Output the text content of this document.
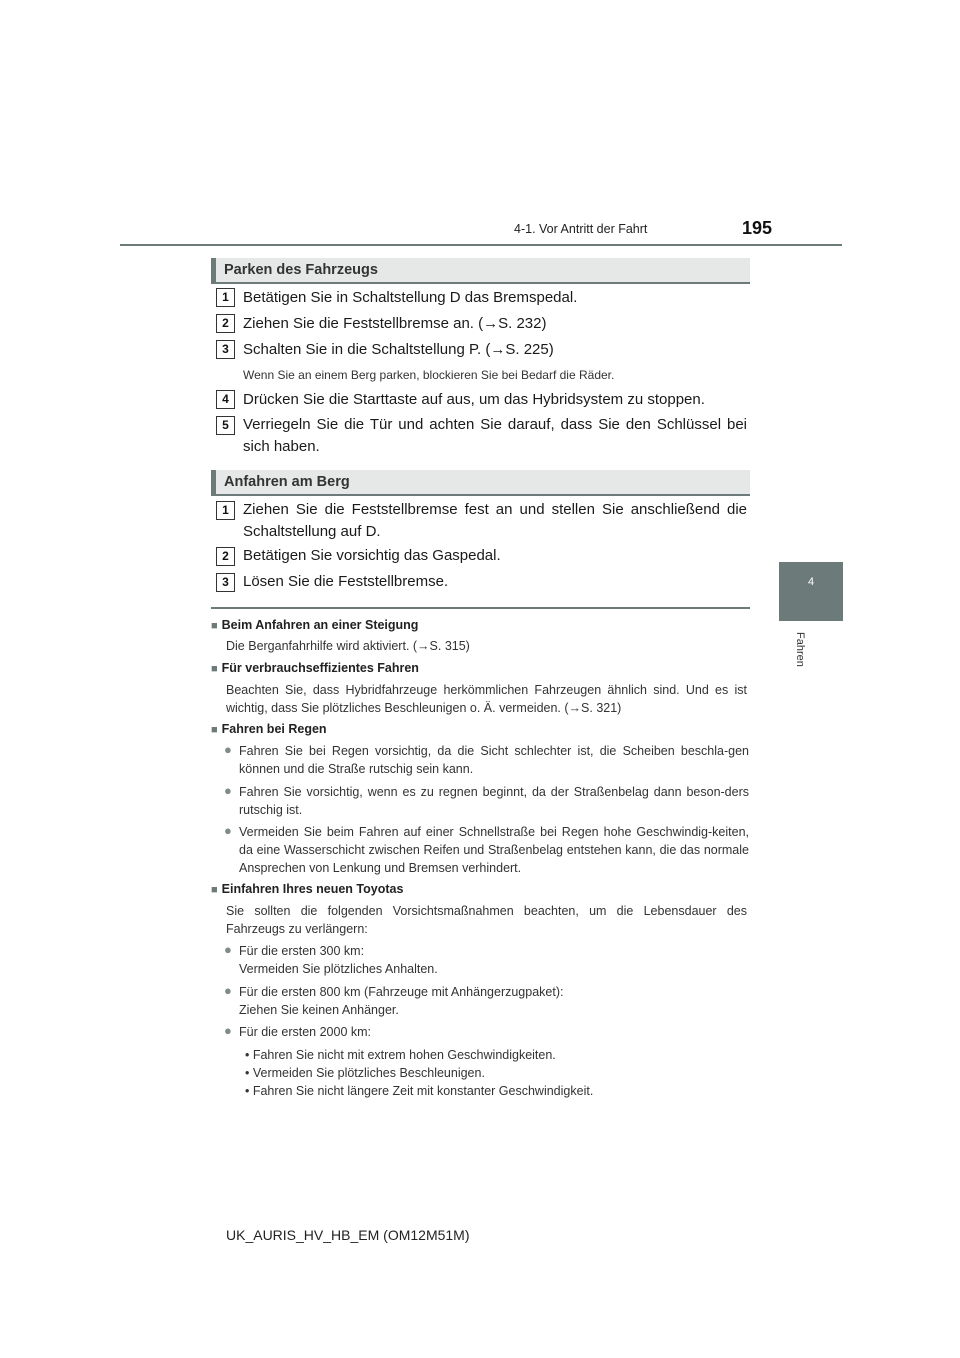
4-1. Vor Antritt der Fahrt	195
4
Fahren
Parken des Fahrzeugs
1 Betätigen Sie in Schaltstellung D das Bremspedal.
2 Ziehen Sie die Feststellbremse an. (→S. 232)
3 Schalten Sie in die Schaltstellung P. (→S. 225)
Wenn Sie an einem Berg parken, blockieren Sie bei Bedarf die Räder.
4 Drücken Sie die Starttaste auf aus, um das Hybridsystem zu stoppen.
5 Verriegeln Sie die Tür und achten Sie darauf, dass Sie den Schlüssel bei sich haben.
Anfahren am Berg
1 Ziehen Sie die Feststellbremse fest an und stellen Sie anschließend die Schaltstellung auf D.
2 Betätigen Sie vorsichtig das Gaspedal.
3 Lösen Sie die Feststellbremse.
■ Beim Anfahren an einer Steigung
Die Berganfahrhilfe wird aktiviert. (→S. 315)
■ Für verbrauchseffizientes Fahren
Beachten Sie, dass Hybridfahrzeuge herkömmlichen Fahrzeugen ähnlich sind. Und es ist wichtig, dass Sie plötzliches Beschleunigen o. Ä. vermeiden. (→S. 321)
■ Fahren bei Regen
● Fahren Sie bei Regen vorsichtig, da die Sicht schlechter ist, die Scheiben beschla-gen können und die Straße rutschig sein kann.
● Fahren Sie vorsichtig, wenn es zu regnen beginnt, da der Straßenbelag dann beson-ders rutschig ist.
● Vermeiden Sie beim Fahren auf einer Schnellstraße bei Regen hohe Geschwindig-keiten, da eine Wasserschicht zwischen Reifen und Straßenbelag entstehen kann, die das normale Ansprechen von Lenkung und Bremsen verhindert.
■ Einfahren Ihres neuen Toyotas
Sie sollten die folgenden Vorsichtsmaßnahmen beachten, um die Lebensdauer des Fahrzeugs zu verlängern:
● Für die ersten 300 km:
Vermeiden Sie plötzliches Anhalten.
● Für die ersten 800 km (Fahrzeuge mit Anhängerzugpaket):
Ziehen Sie keinen Anhänger.
● Für die ersten 2000 km:
• Fahren Sie nicht mit extrem hohen Geschwindigkeiten.
• Vermeiden Sie plötzliches Beschleunigen.
• Fahren Sie nicht längere Zeit mit konstanter Geschwindigkeit.
UK_AURIS_HV_HB_EM (OM12M51M)
